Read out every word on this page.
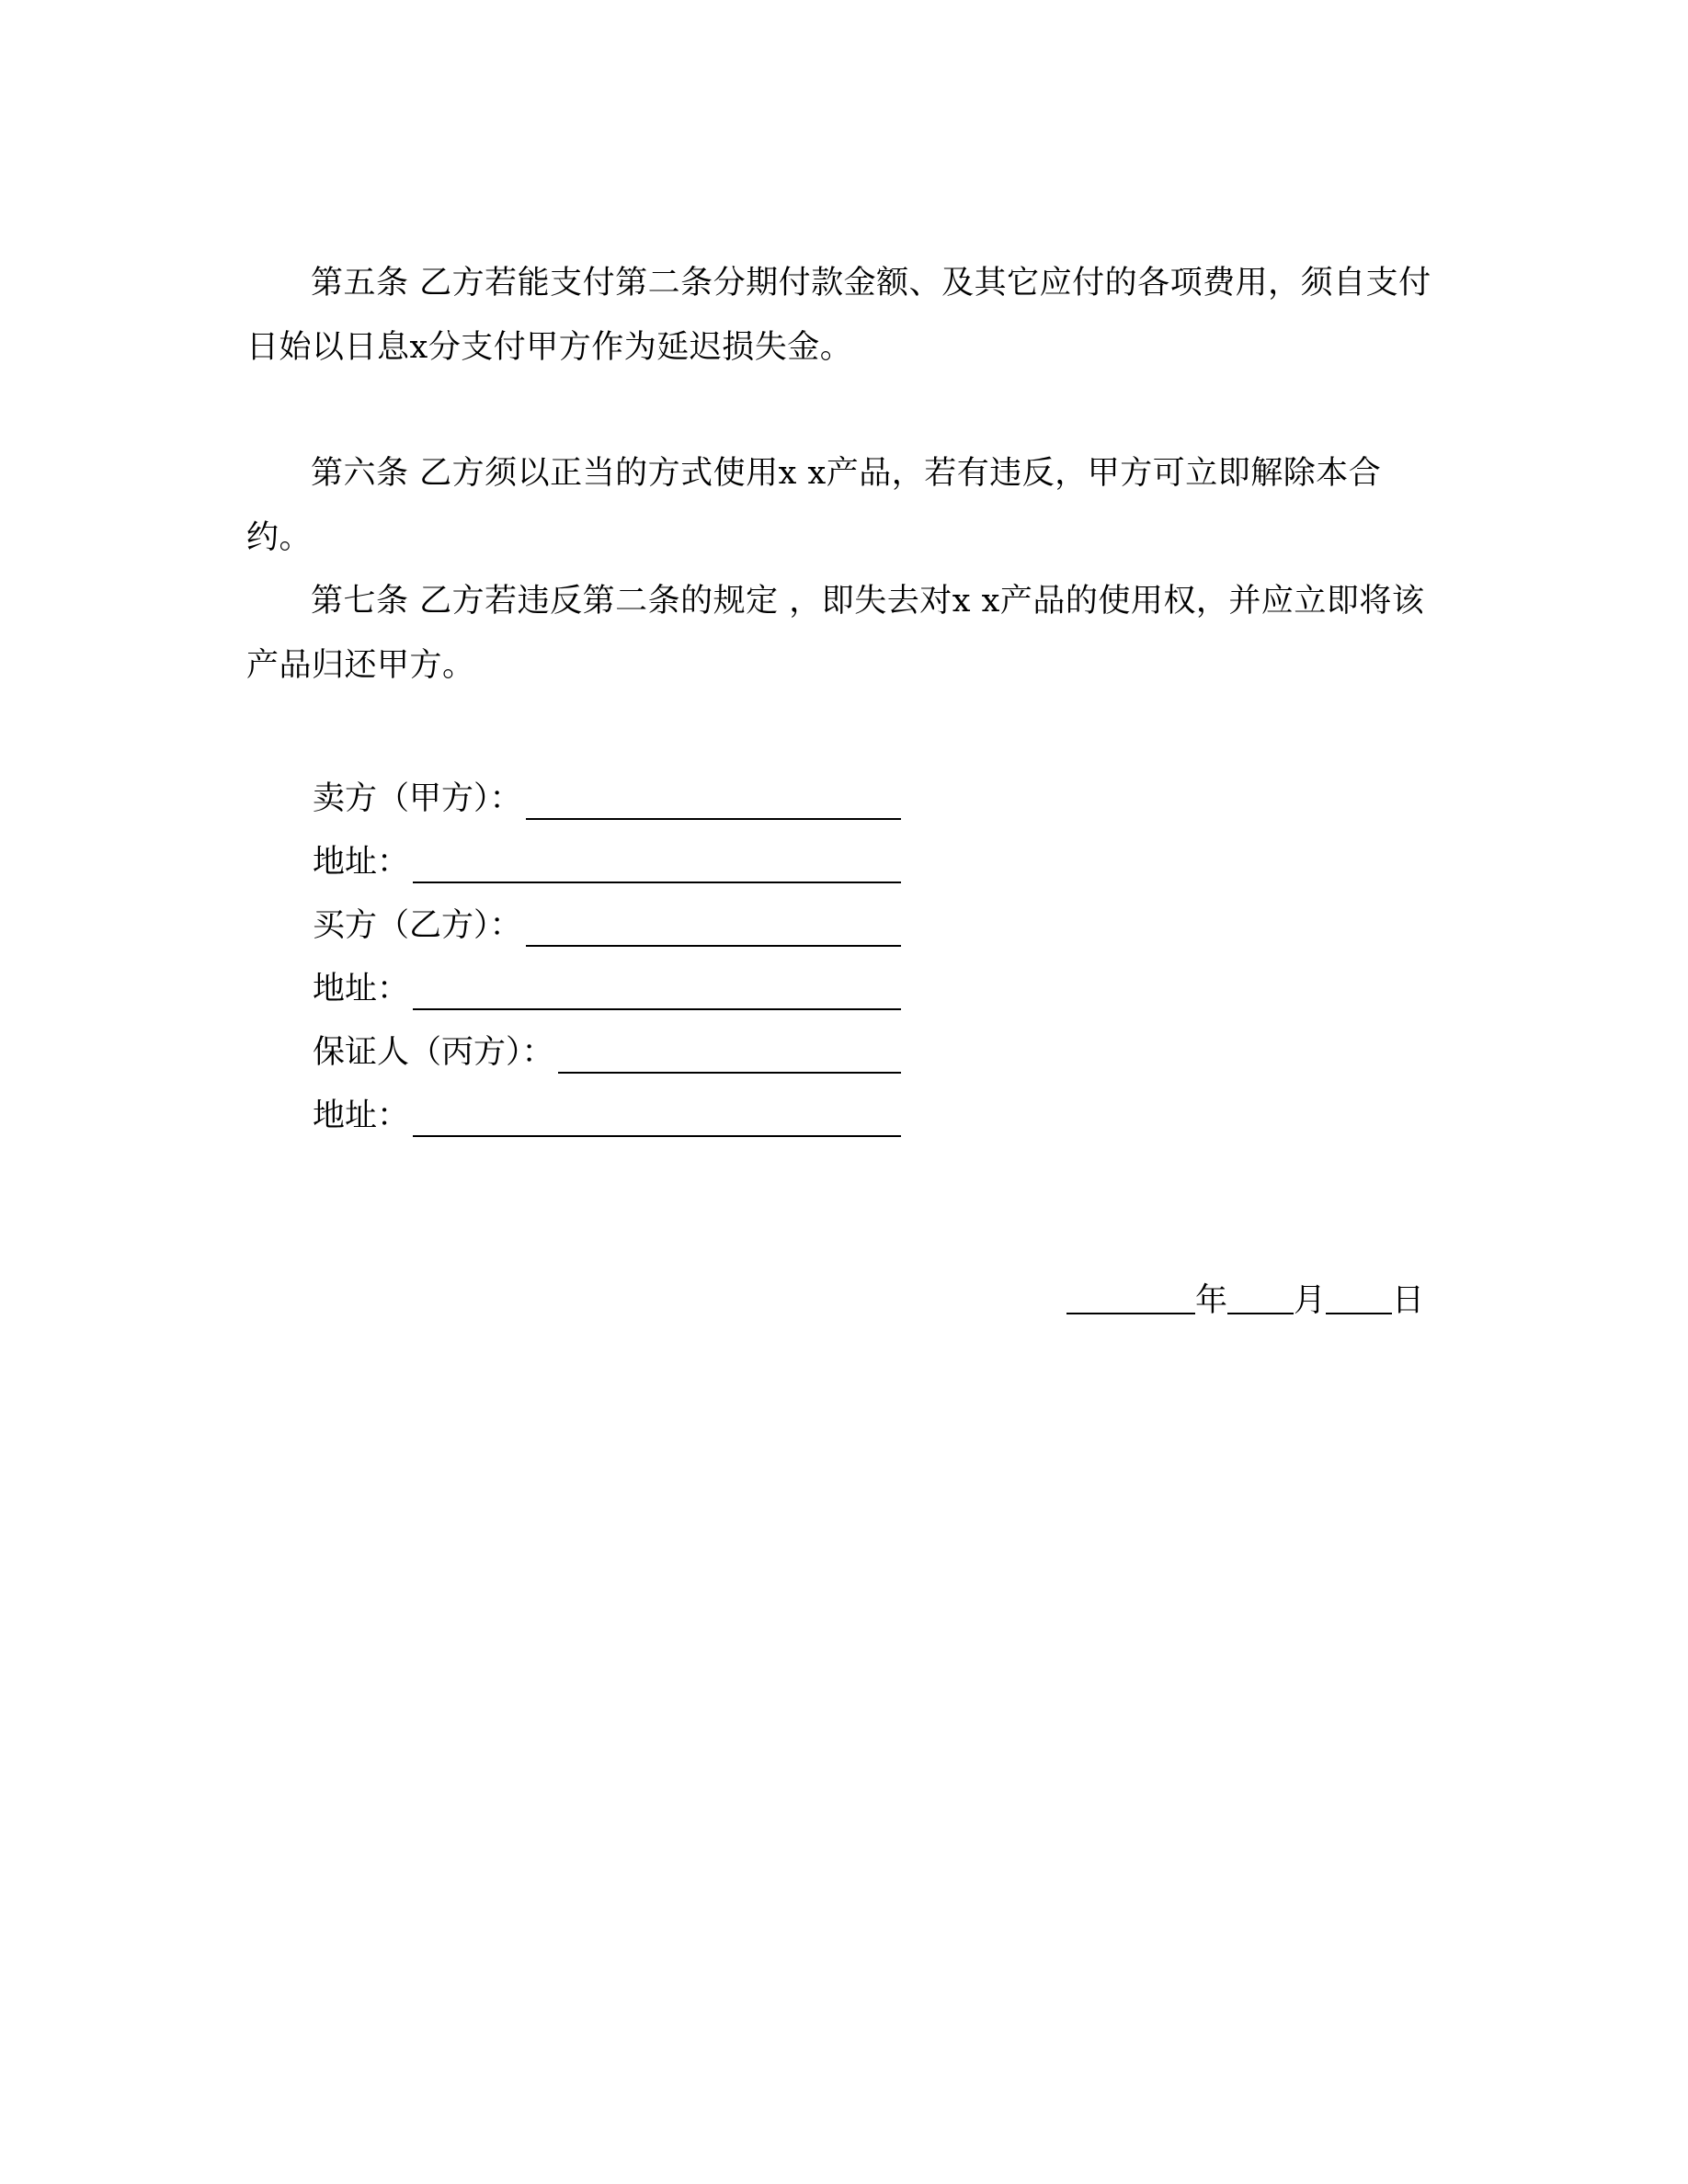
第五条 乙方若能支付第二条分期付款金额、及其它应付的各项费用，须自支付日始以日息x分支付甲方作为延迟损失金。

第六条 乙方须以正当的方式使用x x产品，若有违反，甲方可立即解除本合约。

第七条 乙方若违反第二条的规定 ，即失去对x x产品的使用权，并应立即将该产品归还甲方。

卖方（甲方）：
地址：
买方（乙方）：
地址：
保证人（丙方）：
地址：
年 月 日
